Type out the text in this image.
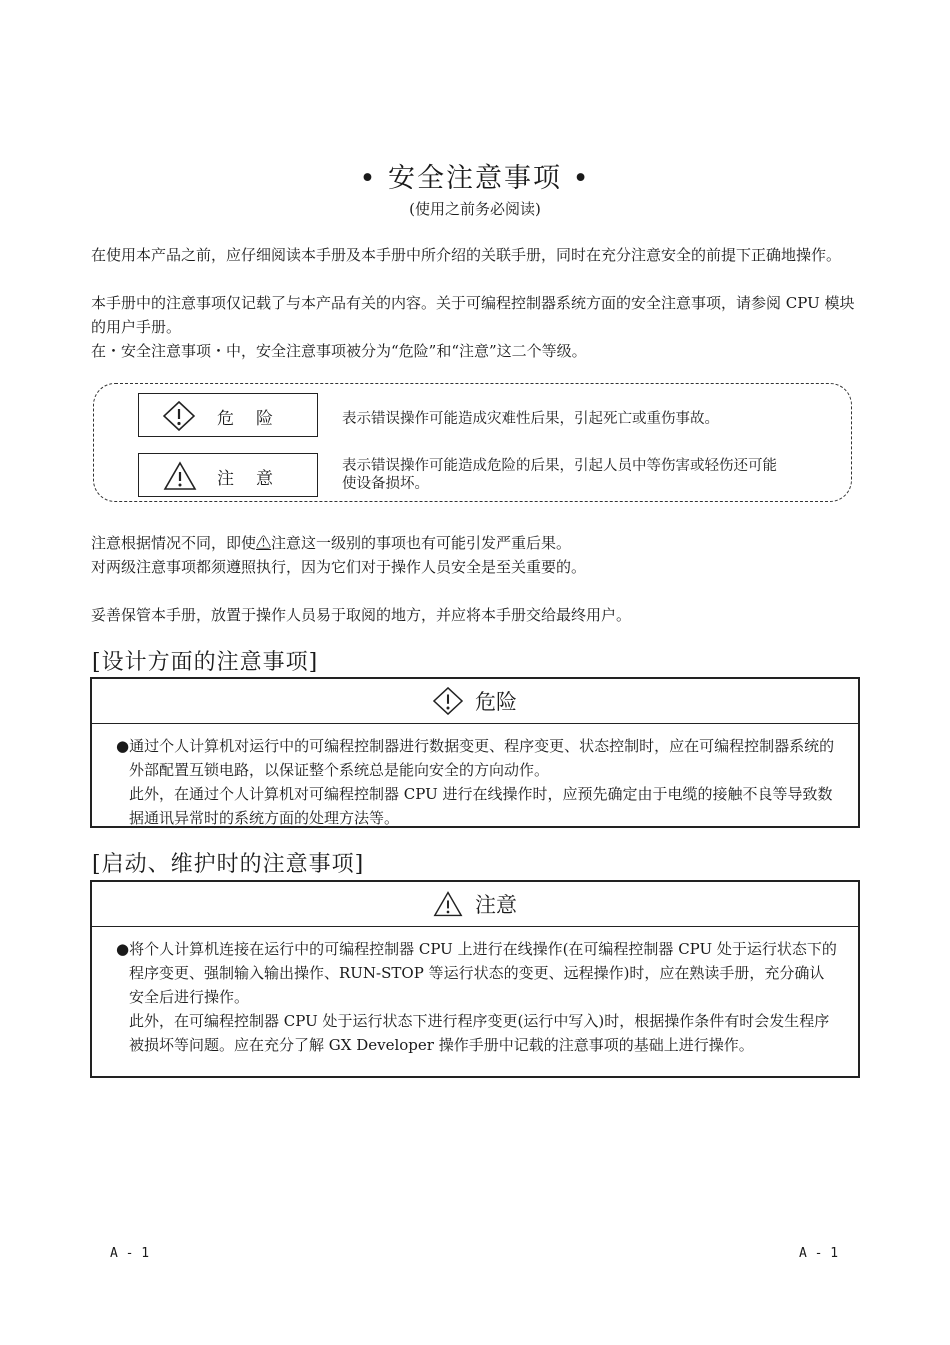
• 安全注意事项 •
(使用之前务必阅读)
在使用本产品之前，应仔细阅读本手册及本手册中所介绍的关联手册，同时在充分注意安全的前提下正确地操作。
本手册中的注意事项仅记载了与本产品有关的内容。关于可编程控制器系统方面的安全注意事项，请参阅 CPU 模块的用户手册。
在・安全注意事项・中，安全注意事项被分为“危险”和“注意”这二个等级。
危险	表示错误操作可能造成灾难性后果，引起死亡或重伤事故。
注意
表示错误操作可能造成危险的后果，引起人员中等伤害或轻伤还可能使设备损坏。
注意根据情况不同，即使⚠注意这一级别的事项也有可能引发严重后果。
对两级注意事项都须遵照执行，因为它们对于操作人员安全是至关重要的。
妥善保管本手册，放置于操作人员易于取阅的地方，并应将本手册交给最终用户。
[设计方面的注意事项]
危险

●通过个人计算机对运行中的可编程控制器进行数据变更、程序变更、状态控制时，应在可编程控制器系统的外部配置互锁电路，以保证整个系统总是能向安全的方向动作。

此外，在通过个人计算机对可编程控制器 CPU 进行在线操作时，应预先确定由于电缆的接触不良等导致数据通讯异常时的系统方面的处理方法等。

[启动、维护时的注意事项]
注意

●将个人计算机连接在运行中的可编程控制器 CPU 上进行在线操作(在可编程控制器 CPU 处于运行状态下的程序变更、强制输入输出操作、RUN-STOP 等运行状态的变更、远程操作)时，应在熟读手册，充分确认安全后进行操作。

此外，在可编程控制器 CPU 处于运行状态下进行程序变更(运行中写入)时，根据操作条件有时会发生程序被损坏等问题。应在充分了解 GX Developer 操作手册中记载的注意事项的基础上进行操作。

A - 1	A - 1
